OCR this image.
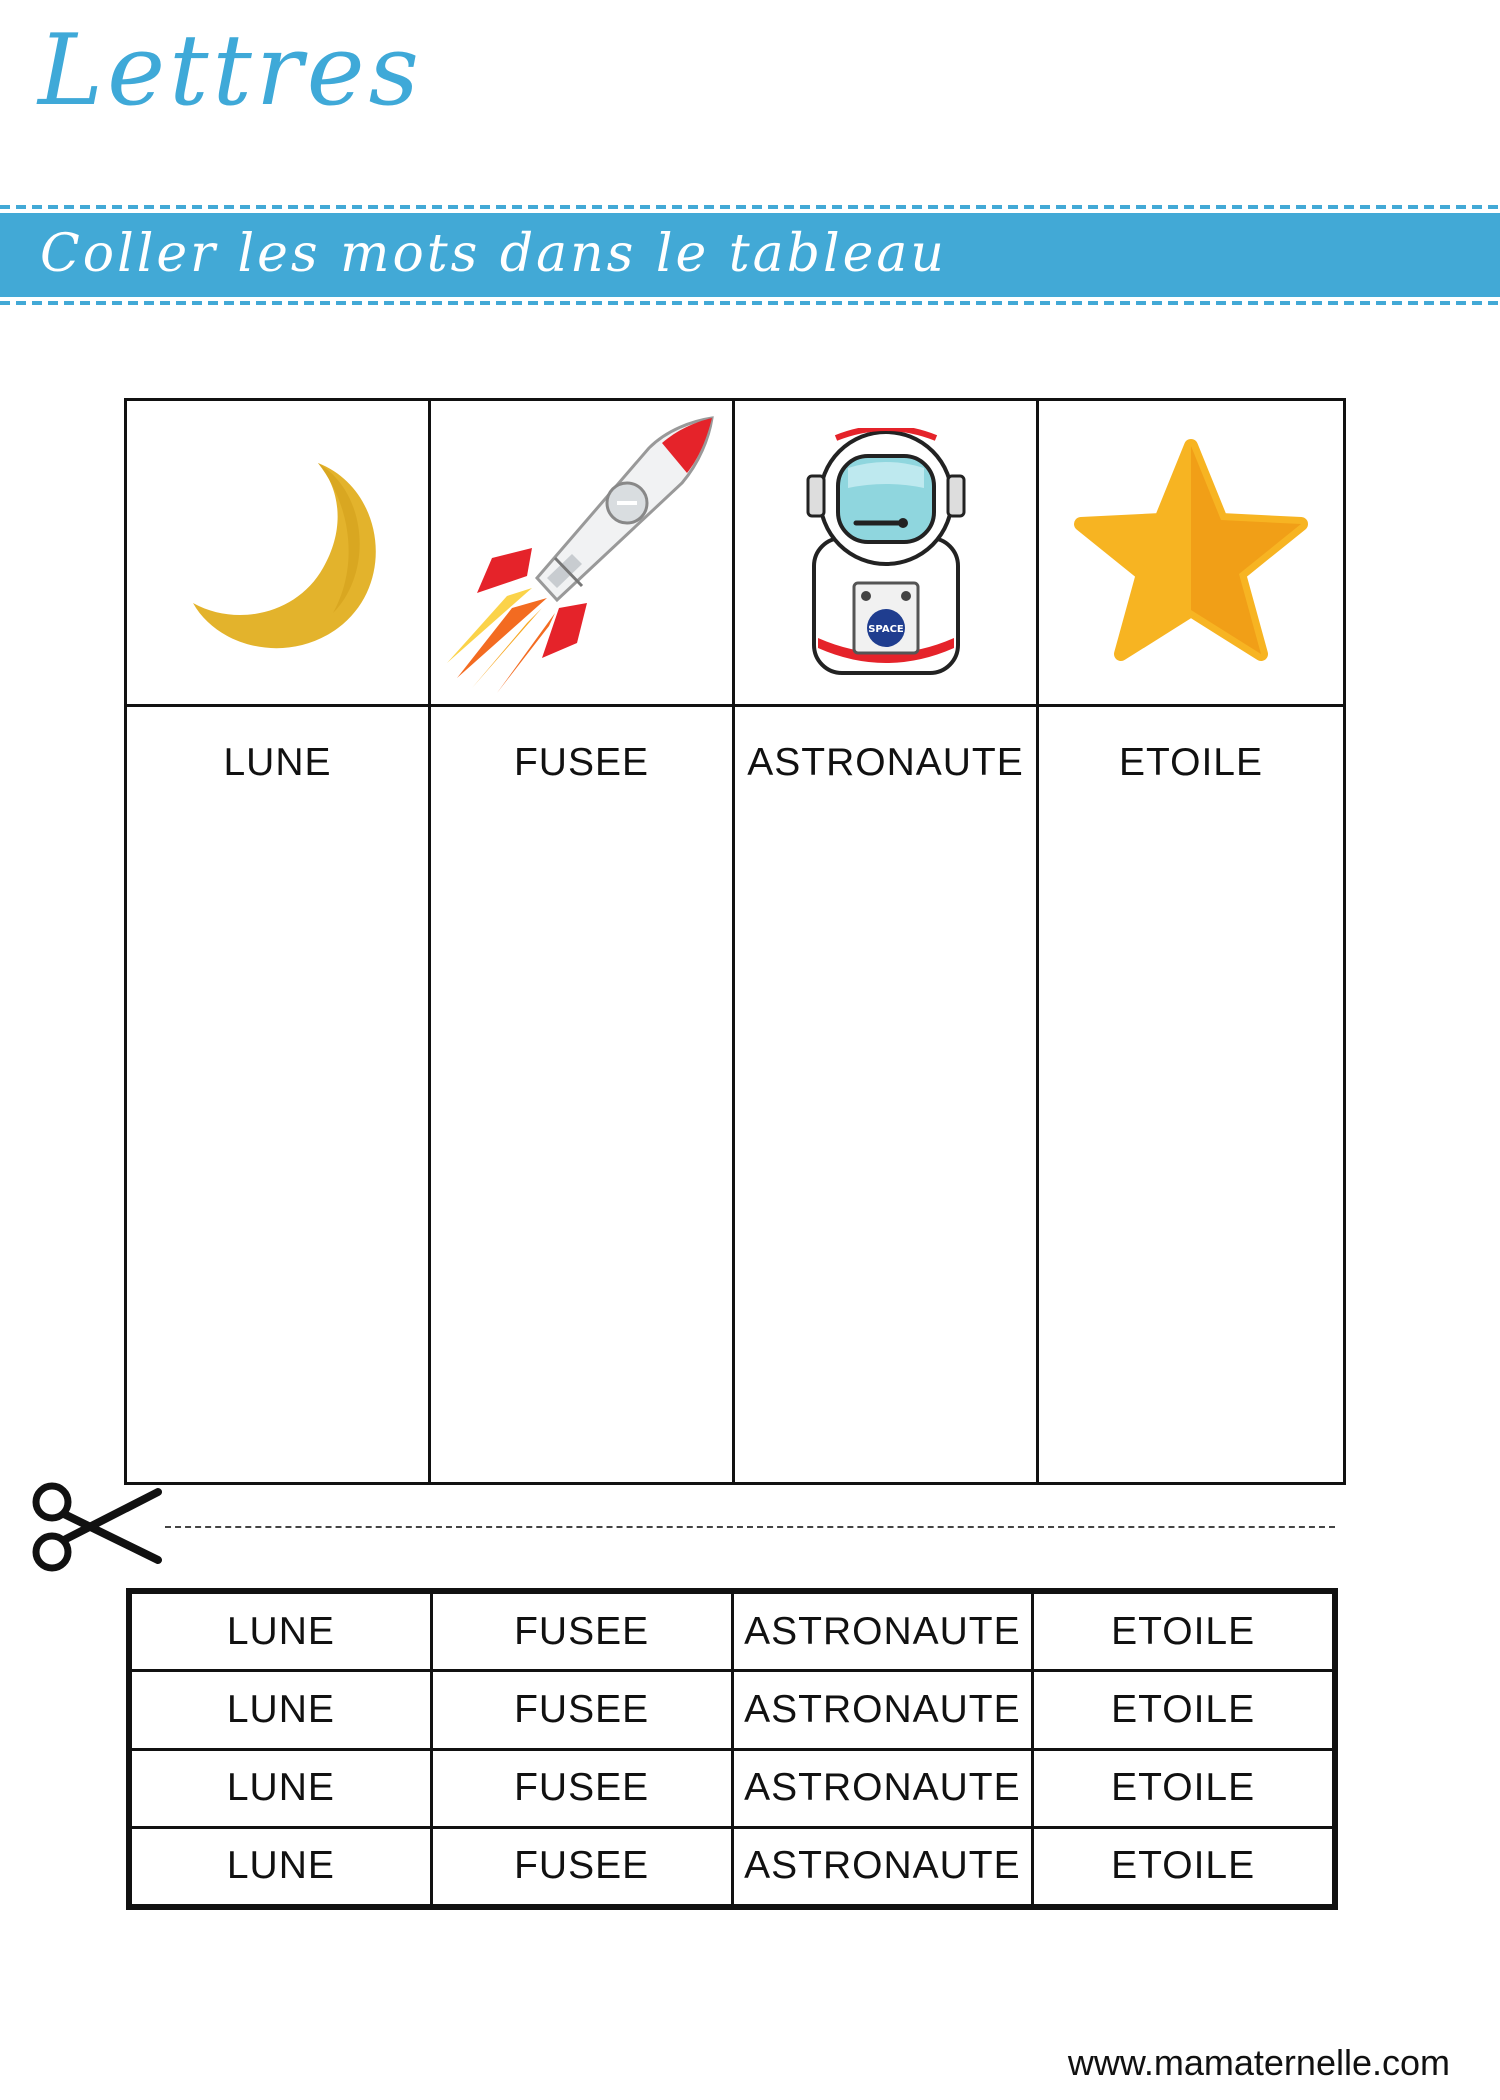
Lettres
Coller les mots dans le tableau
SPACE
LUNE	FUSEE	ASTRONAUTE	ETOILE
LUNE	FUSEE	ASTRONAUTE	ETOILE
LUNE	FUSEE	ASTRONAUTE	ETOILE
LUNE	FUSEE	ASTRONAUTE	ETOILE
LUNE	FUSEE	ASTRONAUTE	ETOILE
www.mamaternelle.com
